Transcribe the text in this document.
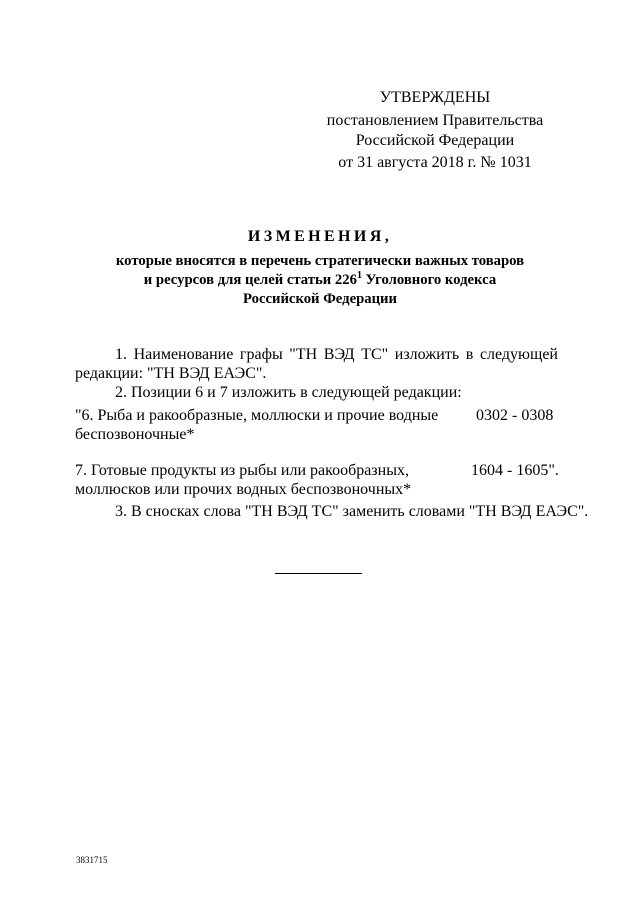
УТВЕРЖДЕНЫ
постановлением Правительства
Российской Федерации
от 31 августа 2018 г. № 1031
ИЗМЕНЕНИЯ,
которые вносятся в перечень стратегически важных товаров
и ресурсов для целей статьи $226^1$ Уголовного кодекса
Российской Федерации
1. Наименование графы "ТН ВЭД ТС" изложить в следующей
редакции: "ТН ВЭД ЕАЭС".
2. Позиции 6 и 7 изложить в следующей редакции:
"6. Рыба и ракообразные, моллюски и прочие водные
беспозвоночные*
0302 - 0308
7. Готовые продукты из рыбы или ракообразных,
моллюсков или прочих водных беспозвоночных*
1604 - 1605".
3. В сносках слова "ТН ВЭД ТС" заменить словами "ТН ВЭД ЕАЭС".
3831715
